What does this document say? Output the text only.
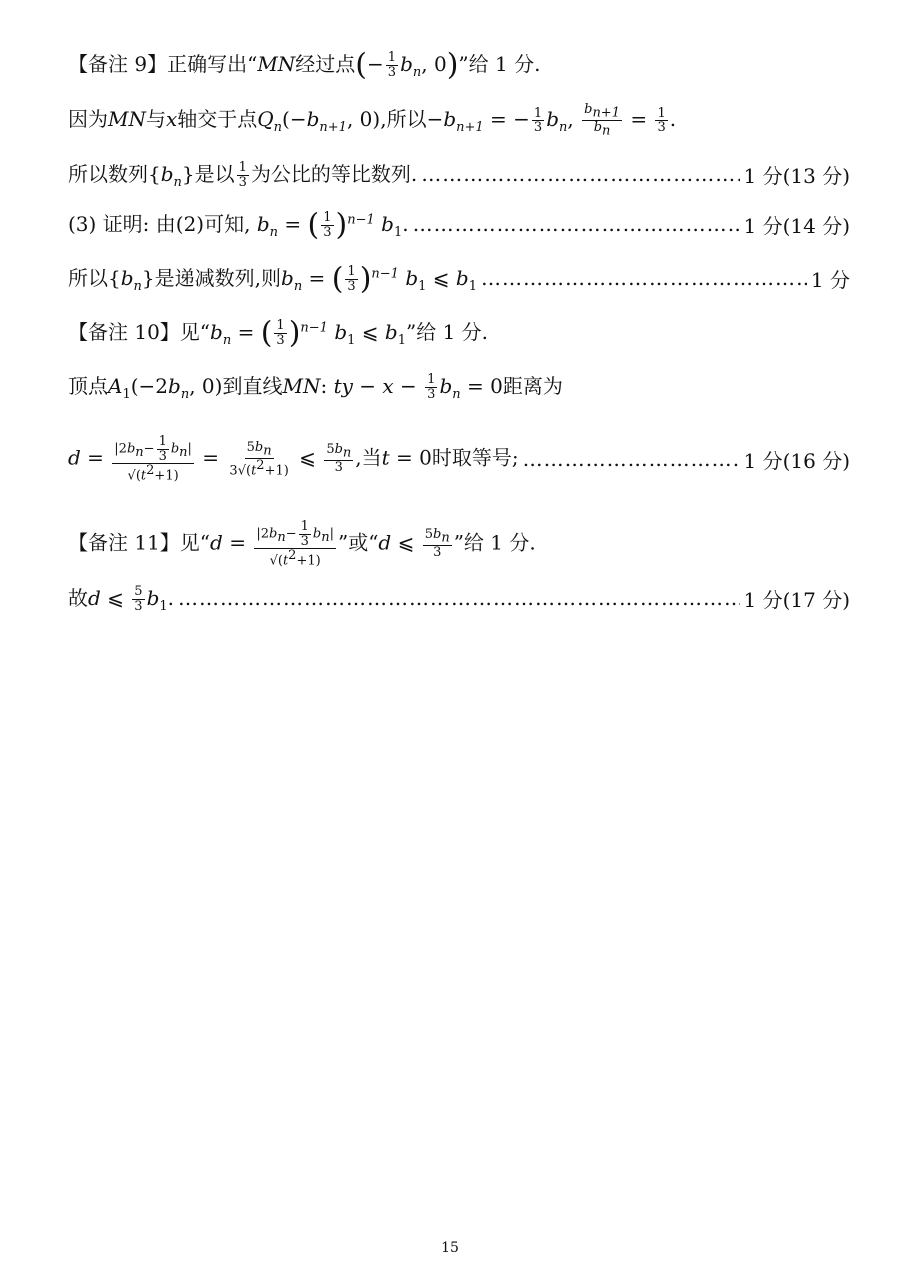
【备注 9】正确写出“MN经过点(− $\frac{1}{3} b_n$, 0)”给 1 分.
因为MN与x轴交于点$Q_n(-b_{n+1}$, 0),所以$-b_{n+1}$ = − $\frac{1}{3} b_n$, $\frac{b_{n+1}}{b_n} = \frac{1}{3}$ .
所以数列$\{b_n\}$是以 $\frac{1}{3}$ 为公比的等比数列. ……………………………………………………………………………………………………………………………………………………	1 分(13 分)
(3) 证明: 由(2)可知, $b_n$ = ( $\frac{1}{3} )^{n-1}$ $b_1$. ……………………………………………………………………………………………………………………………………………………	1 分(14 分)
所以$\{b_n\}$是递减数列,则$b_n$ = ( $\frac{1}{3} )^{n-1}$ $b_1$ ⩽ $b_1$ ……………………………………………………………………………………………………………………………………………………	1 分
【备注 10】见“$b_n$ = ( $\frac{1}{3} )^{n-1}$ $b_1$ ⩽ $b_1$”给 1 分.
顶点$A_1(-2b_n$, 0)到直线MN: ty − $x - \frac{1}{3} b_n = 0$距离为
$d = \frac{|2b_n- \frac{1}{3} b_n|}{√(t^2+1)} = \frac{5b_n}{3√(t^2+1)}$ ⩽ $\frac{5b_n}{3}$ ,当t = 0时取等号; ……………………………………………………………………………………………………………………………………………………	1 分(16 分)
【备注 11】见“$d = \frac{|2b_n- \frac{1}{3} b_n|}{√(t^2+1)}$ ”或“d ⩽ $\frac{5b_n}{3}$ ”给 1 分.
故d ⩽ $\frac{5}{3} b_1$. ……………………………………………………………………………………………………………………………………………………	1 分(17 分)
15
